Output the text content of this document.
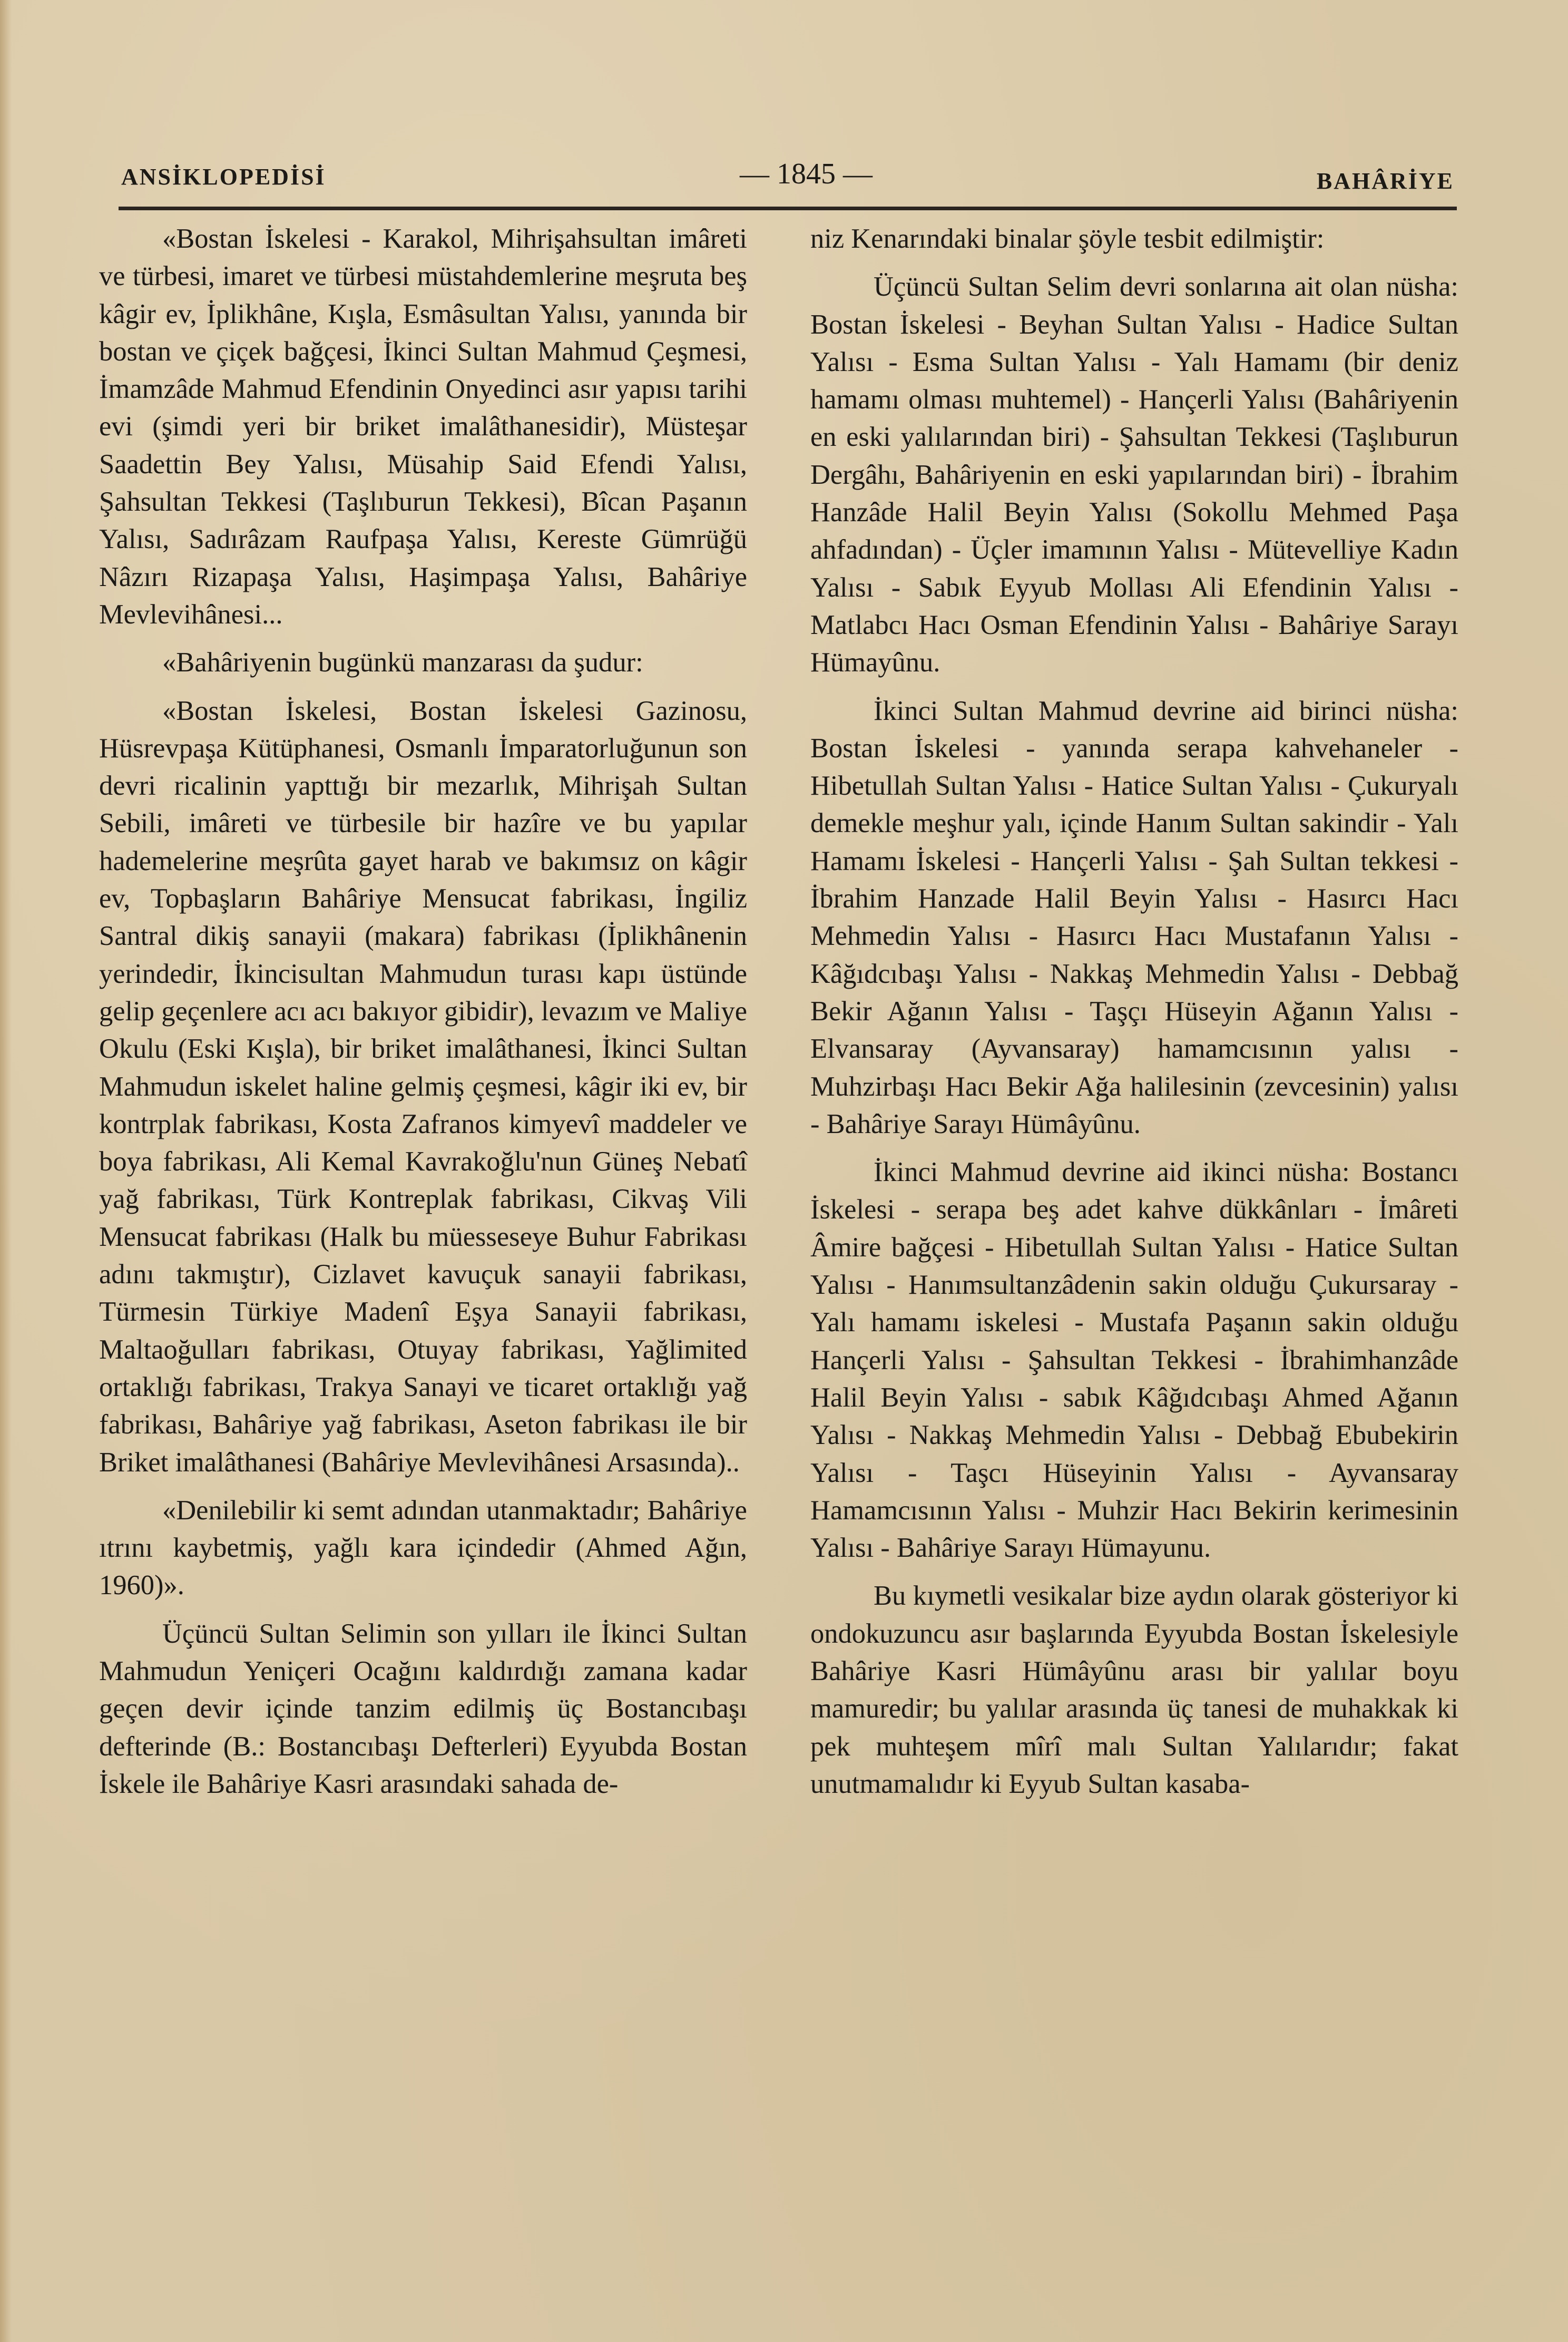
ANSİKLOPEDİSİ	— 1845 —	BAHÂRİYE

«Bostan İskelesi - Karakol, Mihrişahsultan imâreti ve türbesi, imaret ve türbesi müstahdemlerine meşruta beş kâgir ev, İplikhâne, Kışla, Esmâsultan Yalısı, yanında bir bostan ve çiçek bağçesi, İkinci Sultan Mahmud Çeşmesi, İmamzâde Mahmud Efendinin Onyedinci asır yapısı tarihi evi (şimdi yeri bir briket imalâthanesidir), Müsteşar Saadettin Bey Yalısı, Müsahip Said Efendi Yalısı, Şahsultan Tekkesi (Taşlıburun Tekkesi), Bîcan Paşanın Yalısı, Sadırâzam Raufpaşa Yalısı, Kereste Gümrüğü Nâzırı Rizapaşa Yalısı, Haşimpaşa Yalısı, Bahâriye Mevlevihânesi...

«Bahâriyenin bugünkü manzarası da şudur:

«Bostan İskelesi, Bostan İskelesi Gazinosu, Hüsrevpaşa Kütüphanesi, Osmanlı İmparatorluğunun son devri ricalinin yapttığı bir mezarlık, Mihrişah Sultan Sebili, imâreti ve türbesile bir hazîre ve bu yapılar hademelerine meşrûta gayet harab ve bakımsız on kâgir ev, Topbaşların Bahâriye Mensucat fabrikası, İngiliz Santral dikiş sanayii (makara) fabrikası (İplikhânenin yerindedir, İkincisultan Mahmudun turası kapı üstünde gelip geçenlere acı acı bakıyor gibidir), levazım ve Maliye Okulu (Eski Kışla), bir briket imalâthanesi, İkinci Sultan Mahmudun iskelet haline gelmiş çeşmesi, kâgir iki ev, bir kontrplak fabrikası, Kosta Zafranos kimyevî maddeler ve boya fabrikası, Ali Kemal Kavrakoğlu'nun Güneş Nebatî yağ fabrikası, Türk Kontreplak fabrikası, Cikvaş Vili Mensucat fabrikası (Halk bu müesseseye Buhur Fabrikası adını takmıştır), Cizlavet kavuçuk sanayii fabrikası, Türmesin Türkiye Madenî Eşya Sanayii fabrikası, Maltaoğulları fabrikası, Otuyay fabrikası, Yağlimited ortaklığı fabrikası, Trakya Sanayi ve ticaret ortaklığı yağ fabrikası, Bahâriye yağ fabrikası, Aseton fabrikası ile bir Briket imalâthanesi (Bahâriye Mevlevihânesi Arsasında)..

«Denilebilir ki semt adından utanmaktadır; Bahâriye ıtrını kaybetmiş, yağlı kara içindedir (Ahmed Ağın, 1960)».

Üçüncü Sultan Selimin son yılları ile İkinci Sultan Mahmudun Yeniçeri Ocağını kaldırdığı zamana kadar geçen devir içinde tanzim edilmiş üç Bostancıbaşı defterinde (B.: Bostancıbaşı Defterleri) Eyyubda Bostan İskele ile Bahâriye Kasri arasındaki sahada de-

niz Kenarındaki binalar şöyle tesbit edilmiştir:

Üçüncü Sultan Selim devri sonlarına ait olan nüsha: Bostan İskelesi - Beyhan Sultan Yalısı - Hadice Sultan Yalısı - Esma Sultan Yalısı - Yalı Hamamı (bir deniz hamamı olması muhtemel) - Hançerli Yalısı (Bahâriyenin en eski yalılarından biri) - Şahsultan Tekkesi (Taşlıburun Dergâhı, Bahâriyenin en eski yapılarından biri) - İbrahim Hanzâde Halil Beyin Yalısı (Sokollu Mehmed Paşa ahfadından) - Üçler imamının Yalısı - Mütevelliye Kadın Yalısı - Sabık Eyyub Mollası Ali Efendinin Yalısı - Matlabcı Hacı Osman Efendinin Yalısı - Bahâriye Sarayı Hümayûnu.

İkinci Sultan Mahmud devrine aid birinci nüsha: Bostan İskelesi - yanında serapa kahvehaneler - Hibetullah Sultan Yalısı - Hatice Sultan Yalısı - Çukuryalı demekle meşhur yalı, içinde Hanım Sultan sakindir - Yalı Hamamı İskelesi - Hançerli Yalısı - Şah Sultan tekkesi - İbrahim Hanzade Halil Beyin Yalısı - Hasırcı Hacı Mehmedin Yalısı - Hasırcı Hacı Mustafanın Yalısı - Kâğıdcıbaşı Yalısı - Nakkaş Mehmedin Yalısı - Debbağ Bekir Ağanın Yalısı - Taşçı Hüseyin Ağanın Yalısı - Elvansaray (Ayvansaray) hamamcısının yalısı - Muhzirbaşı Hacı Bekir Ağa halilesinin (zevcesinin) yalısı - Bahâriye Sarayı Hümâyûnu.

İkinci Mahmud devrine aid ikinci nüsha: Bostancı İskelesi - serapa beş adet kahve dükkânları - İmâreti Âmire bağçesi - Hibetullah Sultan Yalısı - Hatice Sultan Yalısı - Hanımsultanzâdenin sakin olduğu Çukursaray - Yalı hamamı iskelesi - Mustafa Paşanın sakin olduğu Hançerli Yalısı - Şahsultan Tekkesi - İbrahimhanzâde Halil Beyin Yalısı - sabık Kâğıdcıbaşı Ahmed Ağanın Yalısı - Nakkaş Mehmedin Yalısı - Debbağ Ebubekirin Yalısı - Taşcı Hüseyinin Yalısı - Ayvansaray Hamamcısının Yalısı - Muhzir Hacı Bekirin kerimesinin Yalısı - Bahâriye Sarayı Hümayunu.

Bu kıymetli vesikalar bize aydın olarak gösteriyor ki ondokuzuncu asır başlarında Eyyubda Bostan İskelesiyle Bahâriye Kasri Hümâyûnu arası bir yalılar boyu mamuredir; bu yalılar arasında üç tanesi de muhakkak ki pek muhteşem mîrî malı Sultan Yalılarıdır; fakat unutmamalıdır ki Eyyub Sultan kasaba-
